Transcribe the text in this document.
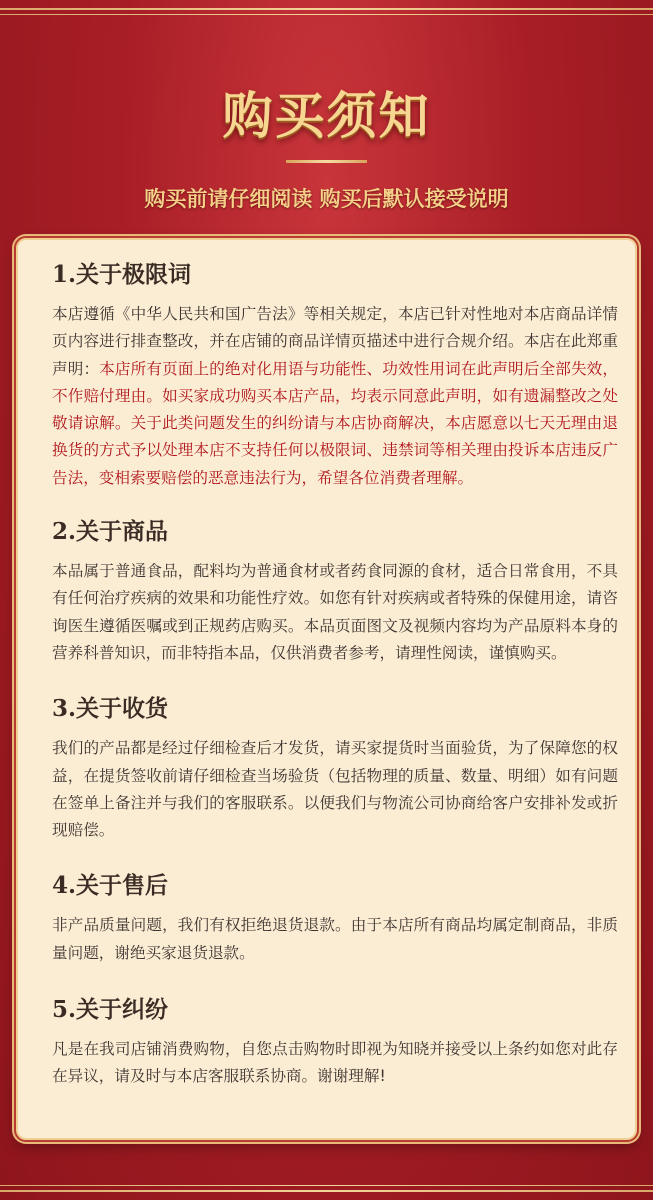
购买须知
购买前请仔细阅读 购买后默认接受说明
1.关于极限词

本店遵循《中华人民共和国广告法》等相关规定，本店已针对性地对本店商品详情页内容进行排查整改，并在店铺的商品详情页描述中进行合规介绍。本店在此郑重声明：本店所有页面上的绝对化用语与功能性、功效性用词在此声明后全部失效，不作赔付理由。如买家成功购买本店产品，均表示同意此声明，如有遗漏整改之处敬请谅解。关于此类问题发生的纠纷请与本店协商解决，本店愿意以七天无理由退换货的方式予以处理本店不支持任何以极限词、违禁词等相关理由投诉本店违反广告法，变相索要赔偿的恶意违法行为，希望各位消费者理解。

2.关于商品

本品属于普通食品，配料均为普通食材或者药食同源的食材，适合日常食用，不具有任何治疗疾病的效果和功能性疗效。如您有针对疾病或者特殊的保健用途，请咨询医生遵循医嘱或到正规药店购买。本品页面图文及视频内容均为产品原料本身的营养科普知识，而非特指本品，仅供消费者参考，请理性阅读，谨慎购买。

3.关于收货

我们的产品都是经过仔细检查后才发货，请买家提货时当面验货，为了保障您的权益，在提货签收前请仔细检查当场验货（包括物理的质量、数量、明细）如有问题在签单上备注并与我们的客服联系。以便我们与物流公司协商给客户安排补发或折现赔偿。

4.关于售后

非产品质量问题，我们有权拒绝退货退款。由于本店所有商品均属定制商品，非质量问题，谢绝买家退货退款。

5.关于纠纷

凡是在我司店铺消费购物，自您点击购物时即视为知晓并接受以上条约如您对此存在异议，请及时与本店客服联系协商。谢谢理解!
